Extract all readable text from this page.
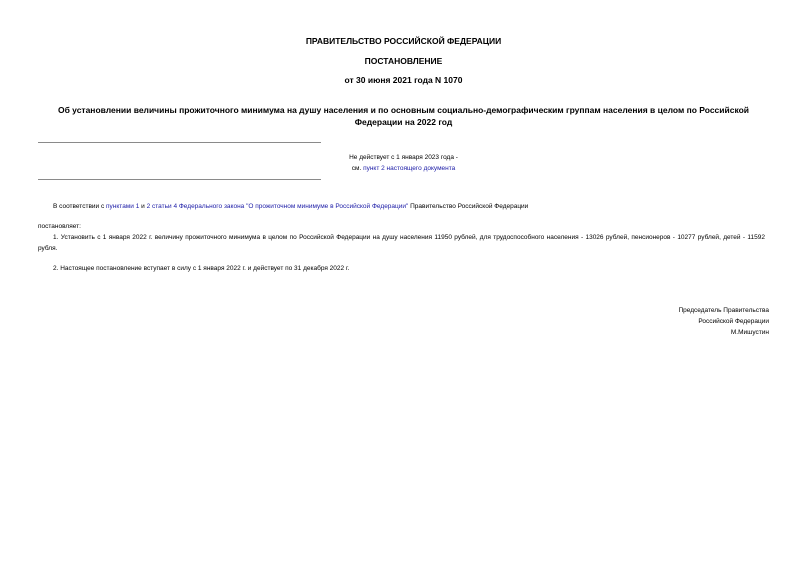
ПРАВИТЕЛЬСТВО РОССИЙСКОЙ ФЕДЕРАЦИИ
ПОСТАНОВЛЕНИЕ
от 30 июня 2021 года N 1070
Об установлении величины прожиточного минимума на душу населения и по основным социально-демографическим группам населения в целом по Российской Федерации на 2022 год
Не действует с 1 января 2023 года -
см. пункт 2 настоящего документа
В соответствии с пунктами 1 и 2 статьи 4 Федерального закона "О прожиточном минимуме в Российской Федерации" Правительство Российской Федерации
постановляет:
1. Установить с 1 января 2022 г. величину прожиточного минимума в целом по Российской Федерации на душу населения 11950 рублей, для трудоспособного населения - 13026 рублей, пенсионеров - 10277 рублей, детей - 11592 рубля.
2. Настоящее постановление вступает в силу с 1 января 2022 г. и действует по 31 декабря 2022 г.
Председатель Правительства
Российской Федерации
М.Мишустин
